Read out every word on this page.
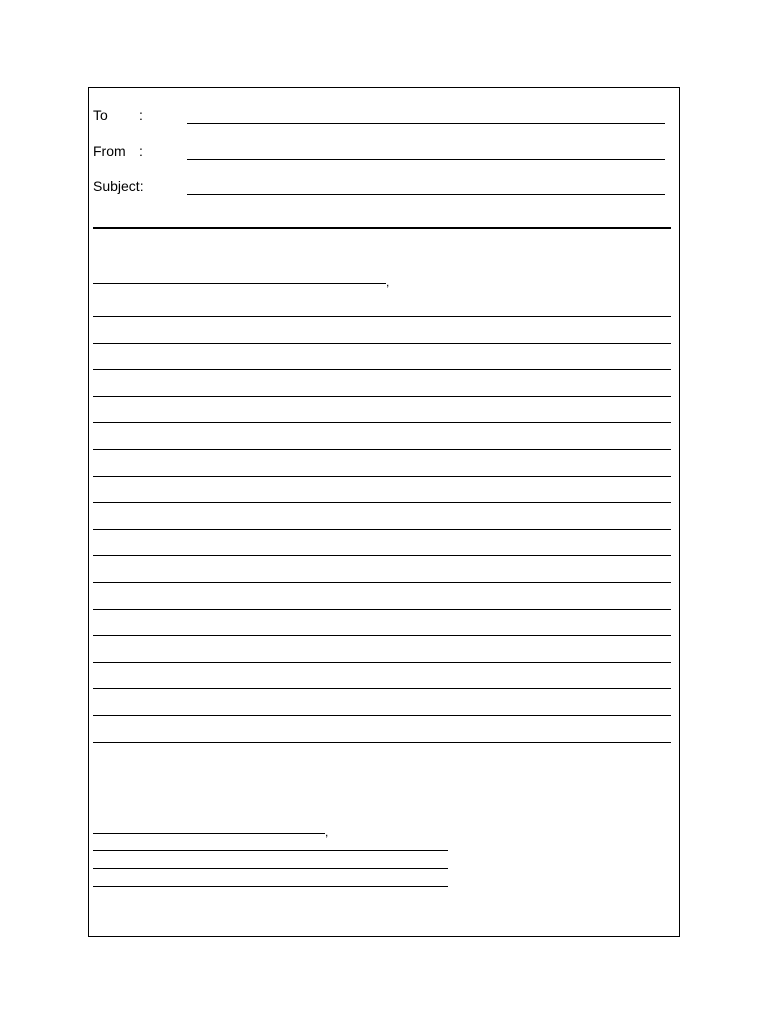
To :
From :
Subject:
,
,
